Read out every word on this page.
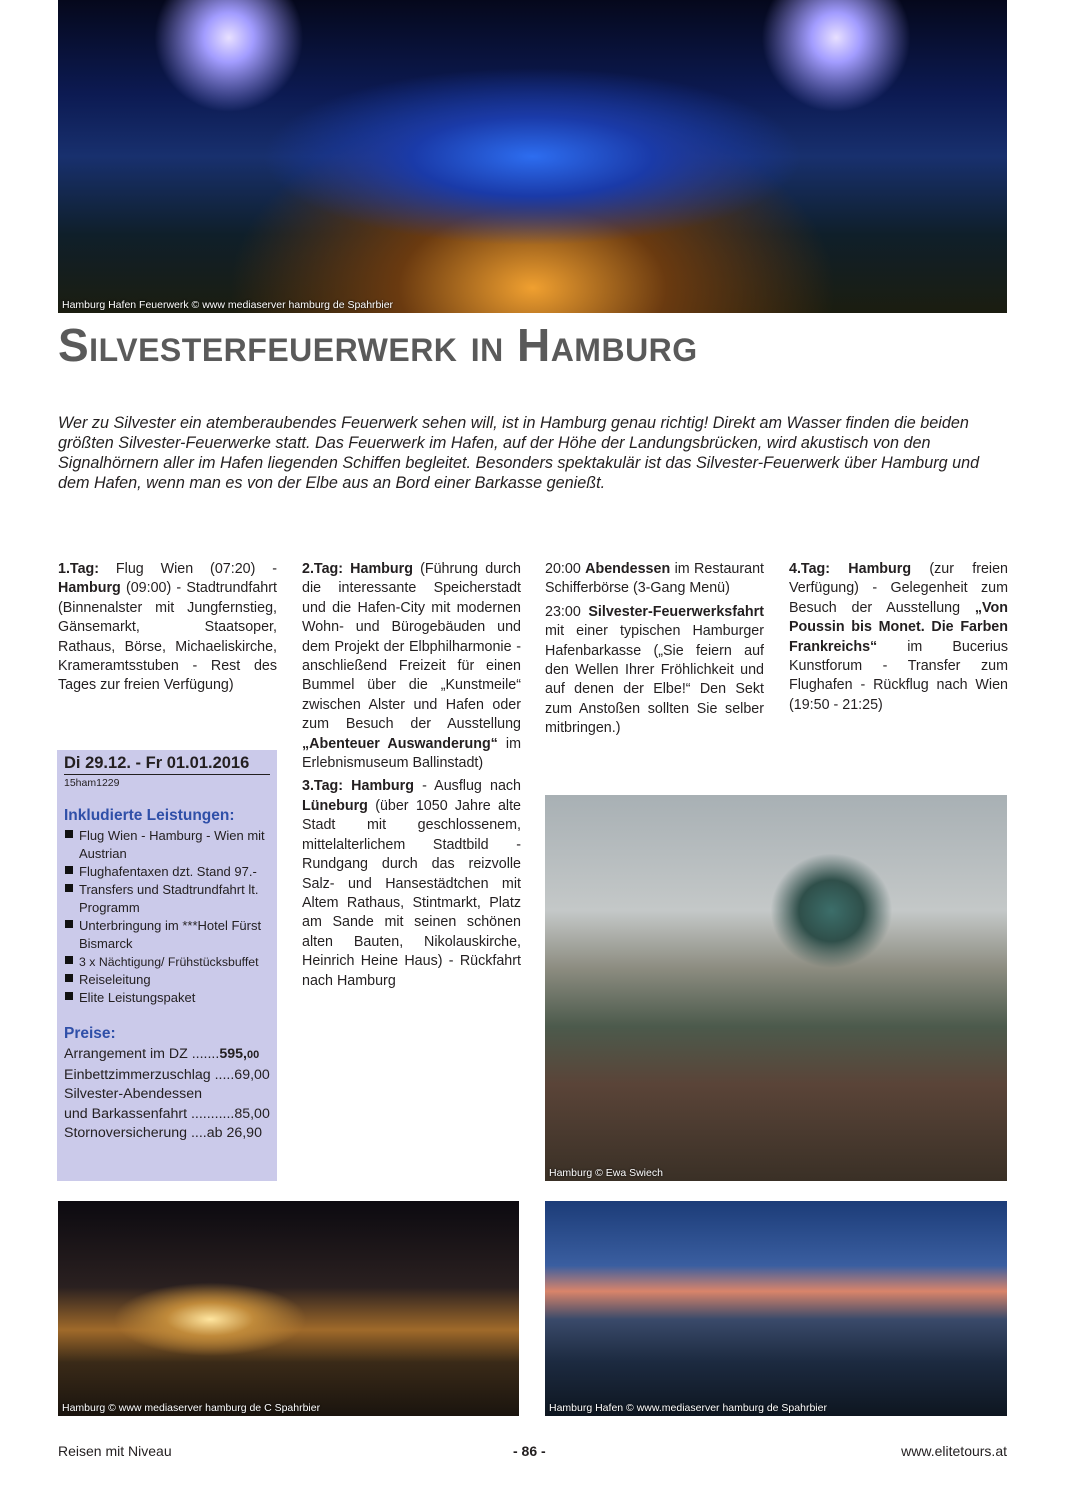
Hamburg Hafen Feuerwerk © www mediaserver hamburg de Spahrbier
Silvesterfeuerwerk in Hamburg

Wer zu Silvester ein atemberaubendes Feuerwerk sehen will, ist in Hamburg genau richtig! Direkt am Wasser finden die beiden größten Silvester-Feuerwerke statt. Das Feuerwerk im Hafen, auf der Höhe der Landungsbrücken, wird akustisch von den Signalhörnern aller im Hafen liegenden Schiffen begleitet. Besonders spektakulär ist das Silvester-Feuerwerk über Hamburg und dem Hafen, wenn man es von der Elbe aus an Bord einer Barkasse genießt.

1.Tag: Flug Wien (07:20) - Hamburg (09:00) - Stadtrundfahrt (Binnenalster mit Jungfernstieg, Gänsemarkt, Staatsoper, Rathaus, Börse, Michaeliskirche, Krameramtsstuben - Rest des Tages zur freien Verfügung)

2.Tag: Hamburg (Führung durch die interessante Speicherstadt und die Hafen-City mit modernen Wohn- und Bürogebäuden und dem Projekt der Elbphilharmonie - anschließend Freizeit für einen Bummel über die „Kunstmeile“ zwischen Alster und Hafen oder zum Besuch der Ausstellung „Abenteuer Auswanderung“ im Erlebnismuseum Ballinstadt)

3.Tag: Hamburg - Ausflug nach Lüneburg (über 1050 Jahre alte Stadt mit geschlossenem, mittelalterlichem Stadtbild - Rundgang durch das reizvolle Salz- und Hansestädtchen mit Altem Rathaus, Stintmarkt, Platz am Sande mit seinen schönen alten Bauten, Nikolauskirche, Heinrich Heine Haus) - Rückfahrt nach Hamburg

20:00 Abendessen im Restaurant Schifferbörse (3-Gang Menü)

23:00 Silvester-Feuerwerksfahrt mit einer typischen Hamburger Hafenbarkasse („Sie feiern auf den Wellen Ihrer Fröhlichkeit und auf denen der Elbe!“ Den Sekt zum Anstoßen sollten Sie selber mitbringen.)

4.Tag: Hamburg (zur freien Verfügung) - Gelegenheit zum Besuch der Ausstellung „Von Poussin bis Monet. Die Farben Frankreichs“ im Bucerius Kunstforum - Transfer zum Flughafen - Rückflug nach Wien (19:50 - 21:25)

Di 29.12. - Fr 01.01.2016
15ham1229
Inkludierte Leistungen:
Flug Wien - Hamburg - Wien mit Austrian
Flughafentaxen dzt. Stand 97.-
Transfers und Stadtrundfahrt lt. Programm
Unterbringung im ***Hotel Fürst Bismarck
3 x Nächtigung/ Frühstücksbuffet
Reiseleitung
Elite Leistungspaket
Preise:
Arrangement im DZ .......595,00
Einbettzimmerzuschlag .....69,00
Silvester-Abendessen
und Barkassenfahrt ...........85,00
Stornoversicherung ....ab 26,90
Hamburg © Ewa Swiech
Hamburg © www mediaserver hamburg de C Spahrbier	Hamburg Hafen © www.mediaserver hamburg de Spahrbier
Reisen mit Niveau	- 86 -	www.elitetours.at
